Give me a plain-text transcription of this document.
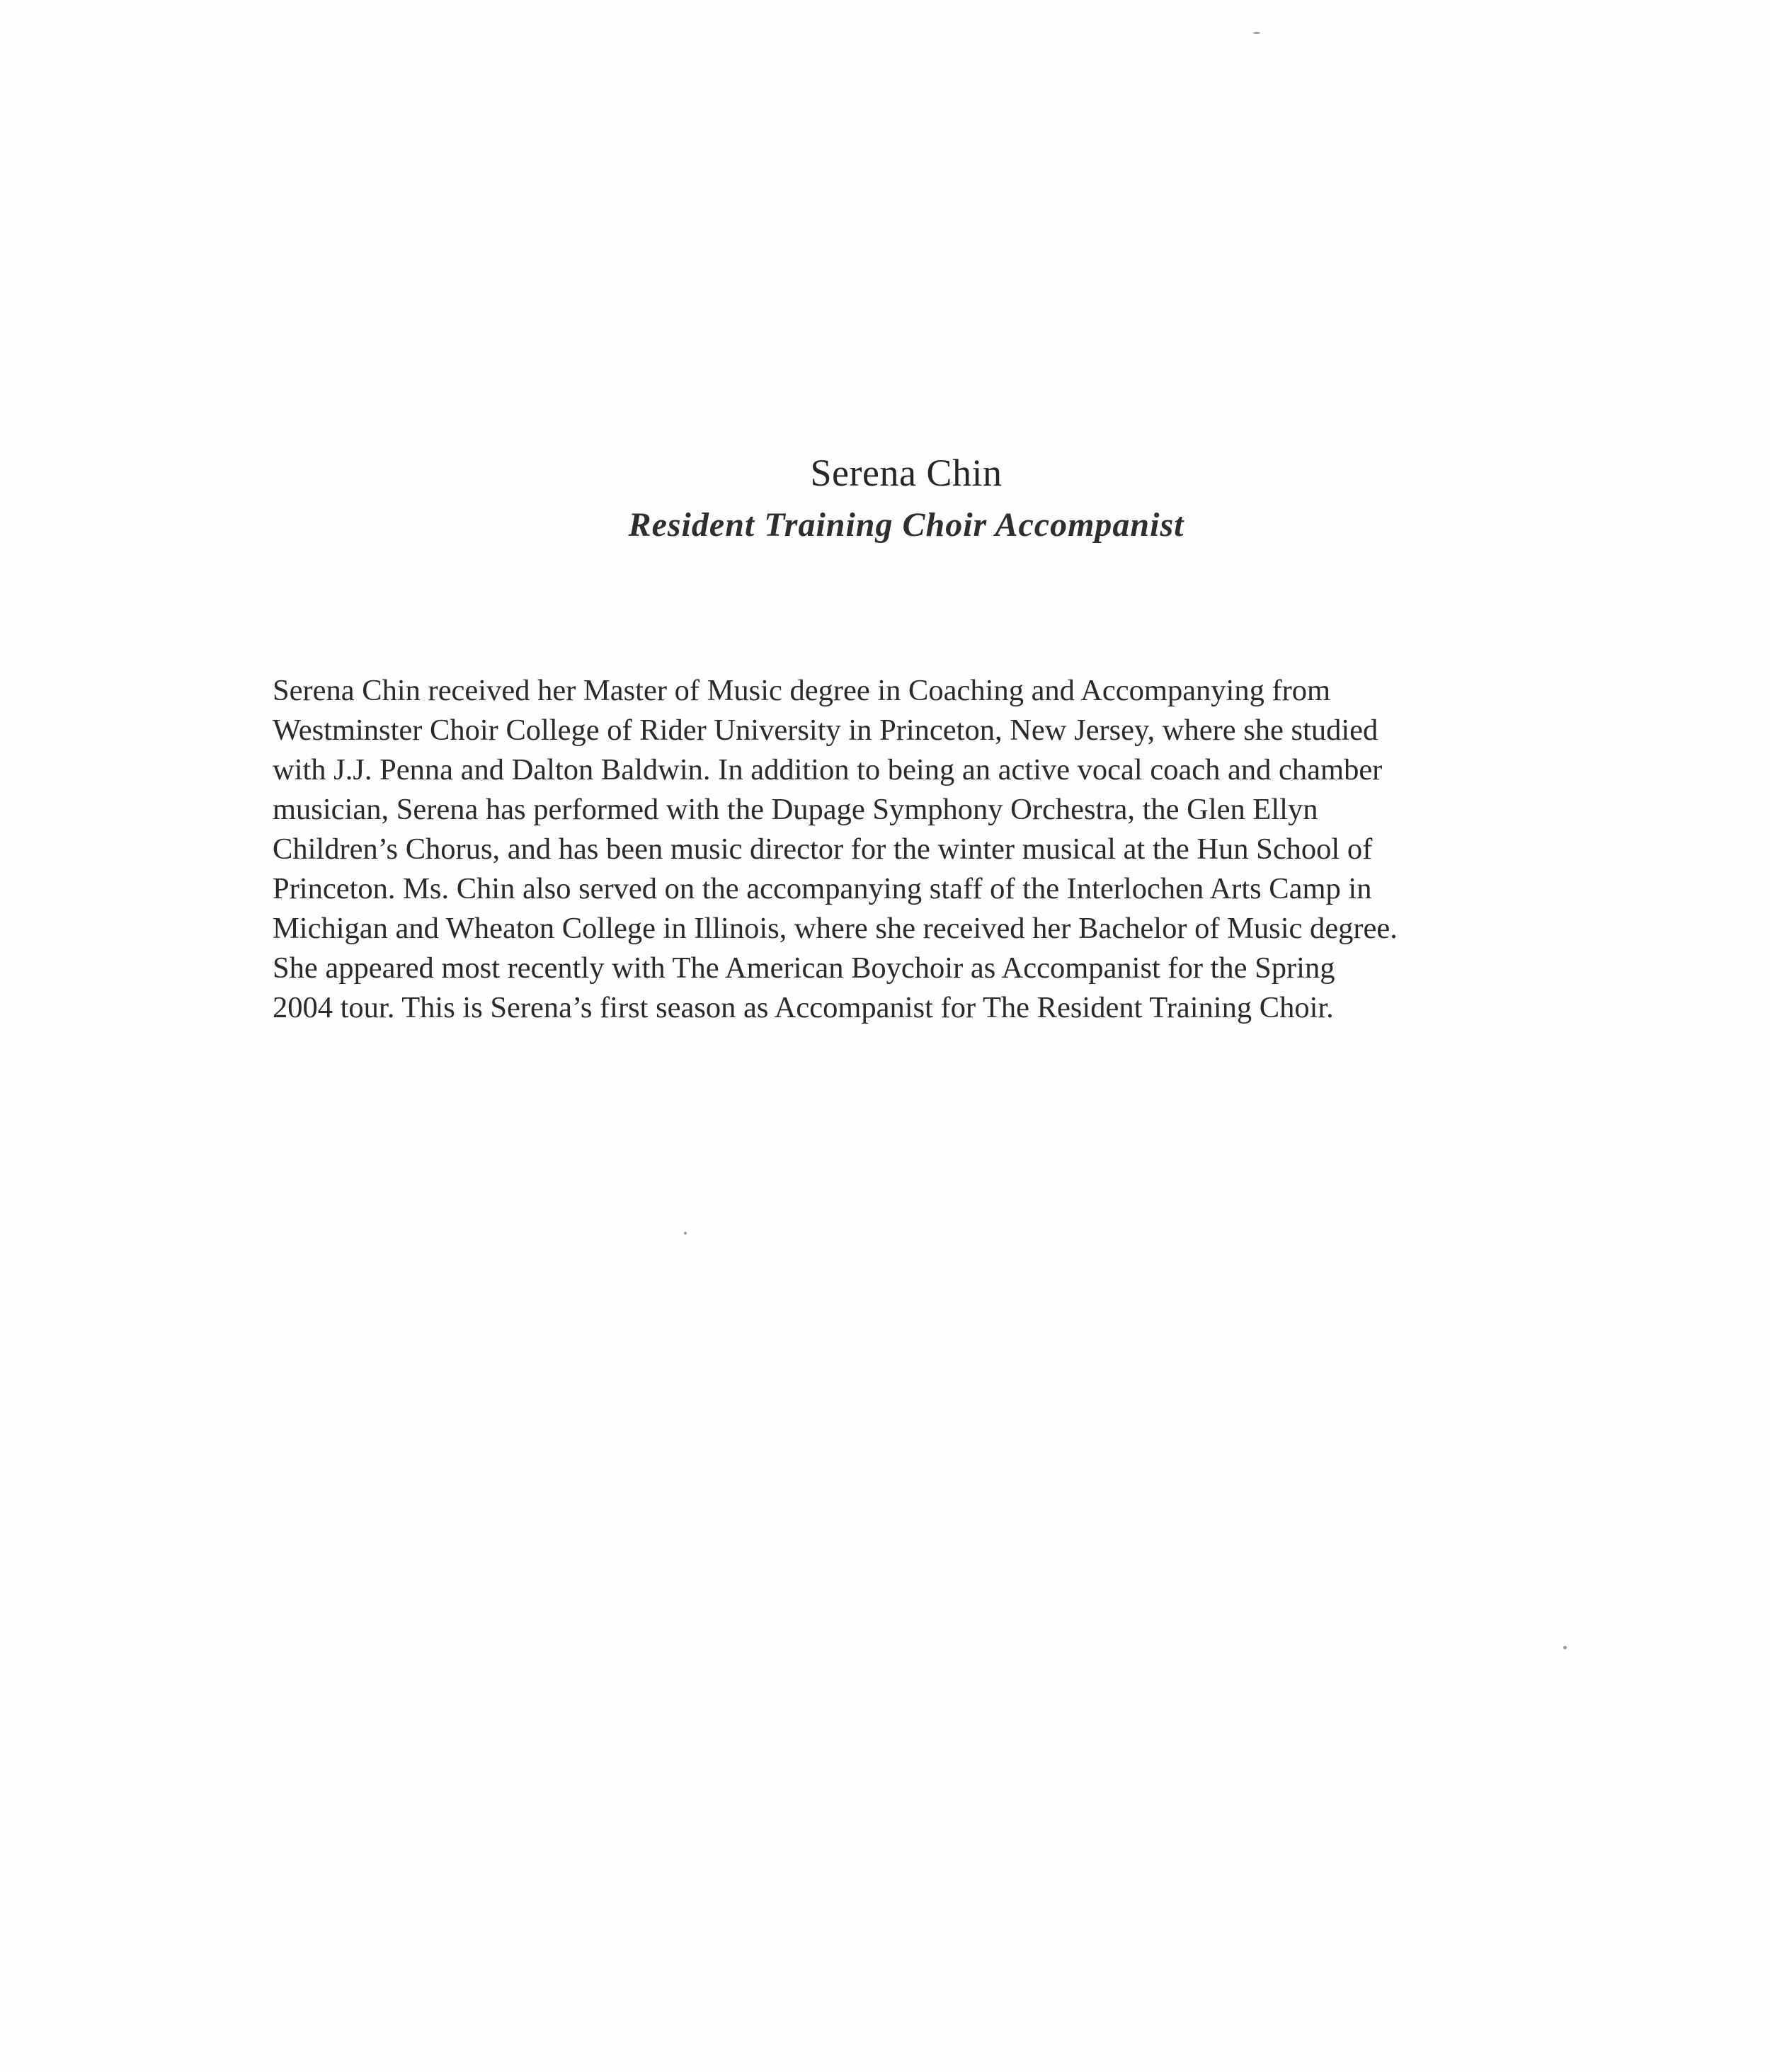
Serena Chin
Resident Training Choir Accompanist
Serena Chin received her Master of Music degree in Coaching and Accompanying from
Westminster Choir College of Rider University in Princeton, New Jersey, where she studied
with J.J. Penna and Dalton Baldwin. In addition to being an active vocal coach and chamber
musician, Serena has performed with the Dupage Symphony Orchestra, the Glen Ellyn
Children’s Chorus, and has been music director for the winter musical at the Hun School of
Princeton. Ms. Chin also served on the accompanying staff of the Interlochen Arts Camp in
Michigan and Wheaton College in Illinois, where she received her Bachelor of Music degree.
She appeared most recently with The American Boychoir as Accompanist for the Spring
2004 tour. This is Serena’s first season as Accompanist for The Resident Training Choir.
